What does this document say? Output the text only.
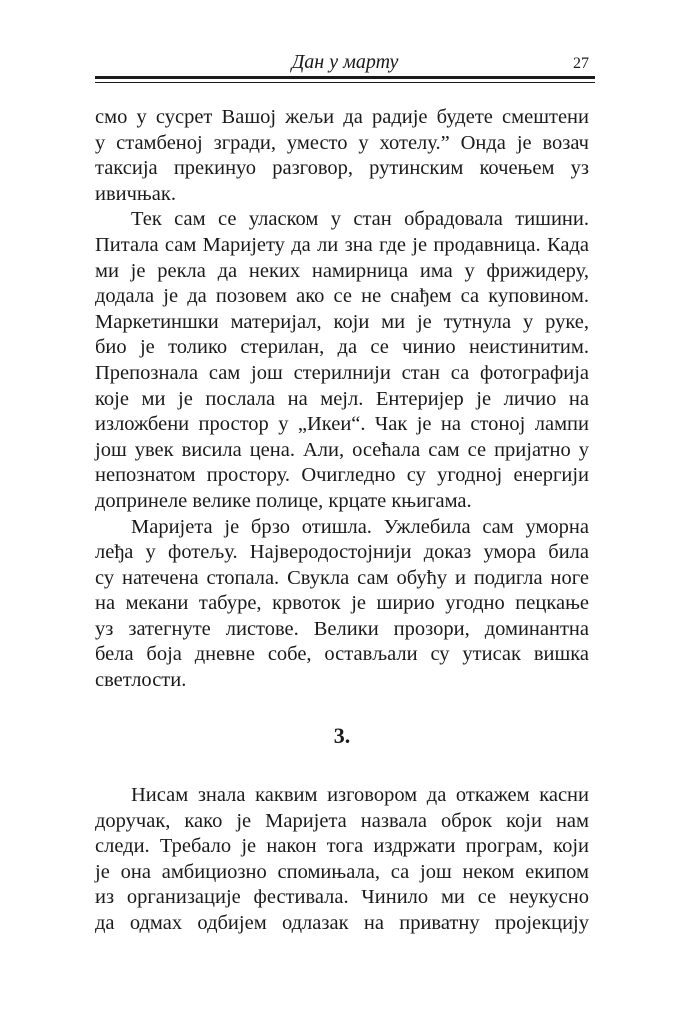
Дан у марту	27

смо у сусрет Вашој жељи да радије будете смештени

у стамбеној згради, уместо у хотелу.” Онда је возач

таксија прекинуо разговор, рутинским кочењем уз

ивичњак.

Тек сам се уласком у стан обрадовала тишини.

Питала сам Маријету да ли зна где је продавница. Када

ми је рекла да неких намирница има у фрижидеру,

додала је да позовем ако се не снађем са куповином.

Маркетиншки материјал, који ми је тутнула у руке,

био је толико стерилан, да се чинио неистинитим.

Препознала сам још стерилнији стан са фотографија

које ми је послала на мејл. Ентеријер је личио на

изложбени простор у „Икеи“. Чак је на стоној лампи

још увек висила цена. Али, осећала сам се пријатно у

непознатом простору. Очигледно су угодној енергији

допринеле велике полице, крцате књигама.

Маријета је брзо отишла. Ужлебила сам уморна

леђа у фотељу. Најверодостојнији доказ умора била

су натечена стопала. Свукла сам обућу и подигла ноге

на мекани табуре, крвоток је ширио угодно пецкање

уз затегнуте листове. Велики прозори, доминантна

бела боја дневне собе, остављали су утисак вишка

светлости.

3.

Нисам знала каквим изговором да откажем касни

доручак, како је Маријета назвала оброк који нам

следи. Требало је након тога издржати програм, који

је она амбициозно спомињала, са још неком екипом

из организације фестивала. Чинило ми се неукусно

да одмах одбијем одлазак на приватну пројекцију
